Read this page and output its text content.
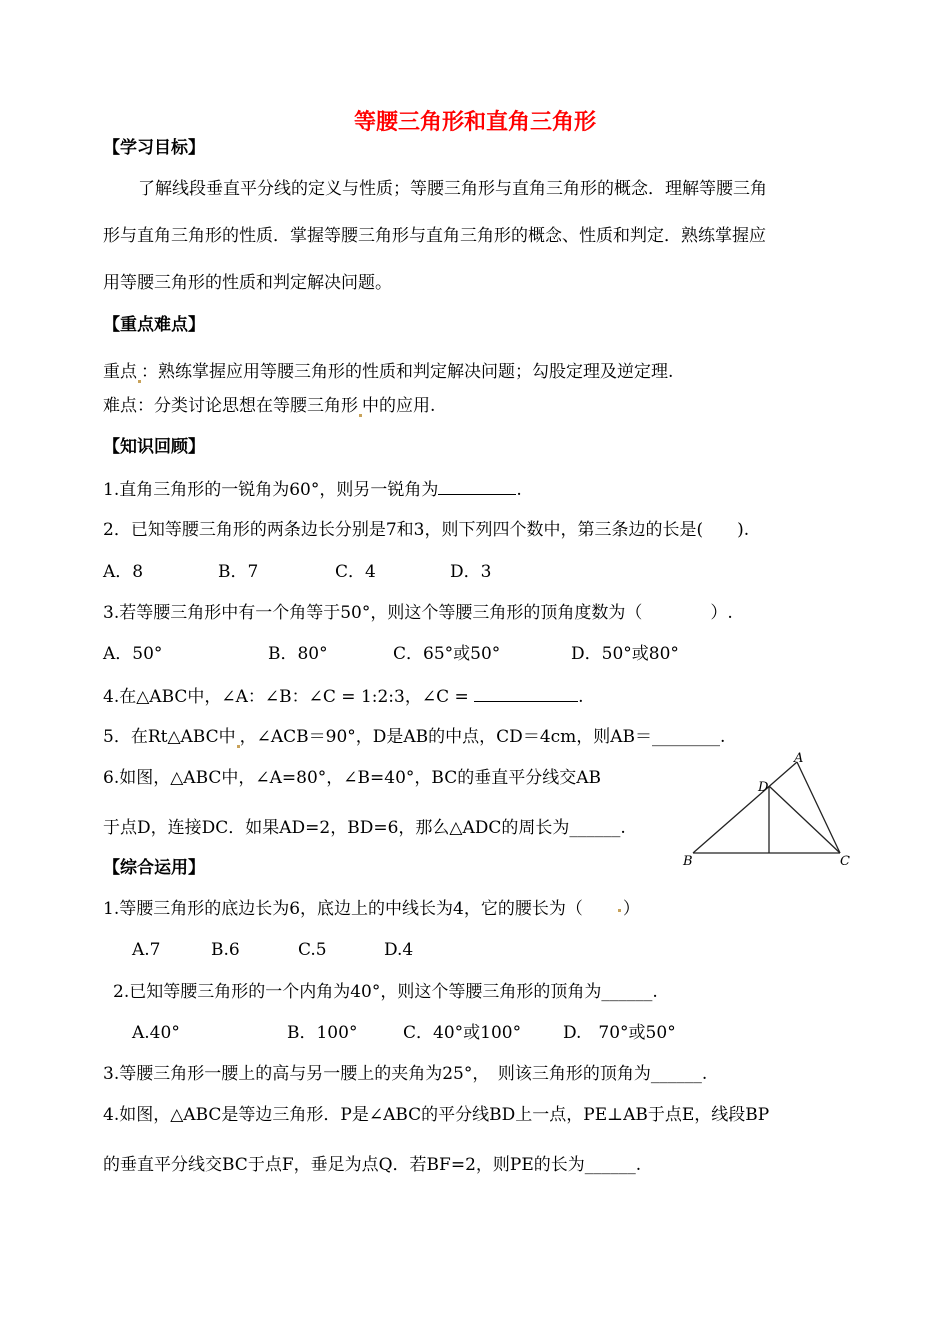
等腰三角形和直角三角形
【学习目标】
了解线段垂直平分线的定义与性质；等腰三角形与直角三角形的概念．理解等腰三角
形与直角三角形的性质．掌握等腰三角形与直角三角形的概念、性质和判定．熟练掌握应
用等腰三角形的性质和判定解决问题。
【重点难点】
重点 ：熟练掌握应用等腰三角形的性质和判定解决问题；勾股定理及逆定理.
难点：分类讨论思想在等腰三角形 中的应用.
【知识回顾】
1.直角三角形的一锐角为60°，则另一锐角为	.
2．已知等腰三角形的两条边长分别是7和3，则下列四个数中，第三条边的长是(　　).
A．8	B．7	C．4	D．3
3.若等腰三角形中有一个角等于50°，则这个等腰三角形的顶角度数为（　　　　）.
A．50°	B．80°	C．65°或50°	D．50°或80°
4.在△ABC中，∠A：∠B：∠C = 1:2:3，∠C =	.
5．在Rt△ABC中 ，∠ACB＝90°，D是AB的中点，CD＝4cm，则AB＝________.
6.如图，△ABC中，∠A=80°，∠B=40°，BC的垂直平分线交AB
于点D，连接DC．如果AD=2，BD=6，那么△ADC的周长为______.
A
D
B	C
【综合运用】
1.等腰三角形的底边长为6，底边上的中线长为4，它的腰长为（ ）
A.7	B.6	C.5	D.4
2.已知等腰三角形的一个内角为40°，则这个等腰三角形的顶角为______.
A.40°	B．100°	C．40°或100° D.　70°或50°
3.等腰三角形一腰上的高与另一腰上的夹角为25°，　则该三角形的顶角为______.
4.如图，△ABC是等边三角形．P是∠ABC的平分线BD上一点，PE⊥AB于点E，线段BP
的垂直平分线交BC于点F，垂足为点Q．若BF=2，则PE的长为______.
